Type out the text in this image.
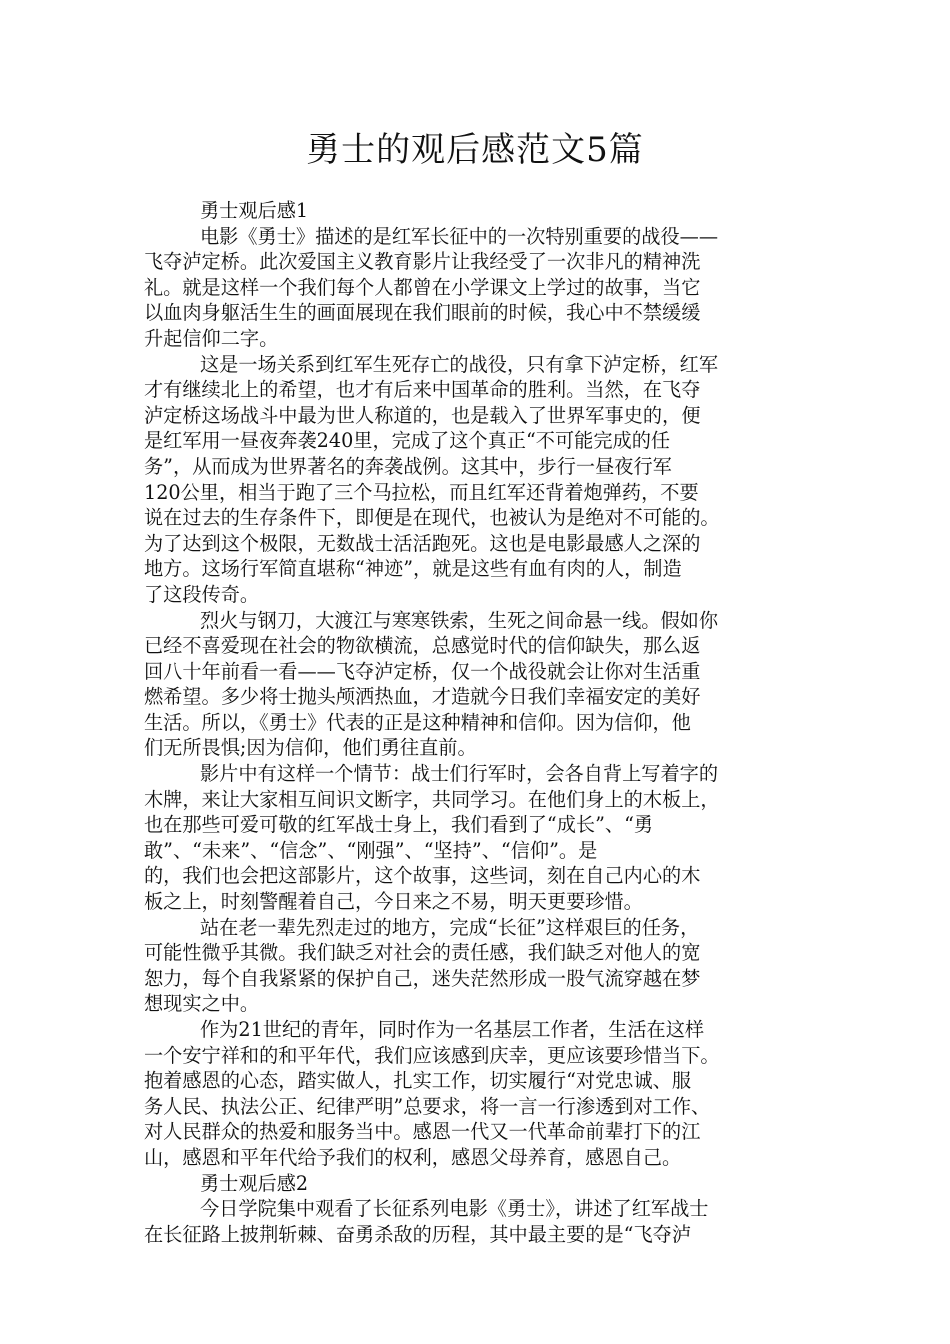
勇士的观后感范文5篇
勇士观后感1
电影《勇士》描述的是红军长征中的一次特别重要的战役——
飞夺泸定桥。此次爱国主义教育影片让我经受了一次非凡的精神洗
礼。就是这样一个我们每个人都曾在小学课文上学过的故事，当它
以血肉身躯活生生的画面展现在我们眼前的时候，我心中不禁缓缓
升起信仰二字。
这是一场关系到红军生死存亡的战役，只有拿下泸定桥，红军
才有继续北上的希望，也才有后来中国革命的胜利。当然，在飞夺
泸定桥这场战斗中最为世人称道的，也是载入了世界军事史的，便
是红军用一昼夜奔袭240里，完成了这个真正“不可能完成的任
务”，从而成为世界著名的奔袭战例。这其中，步行一昼夜行军
120公里，相当于跑了三个马拉松，而且红军还背着炮弹药，不要
说在过去的生存条件下，即便是在现代，也被认为是绝对不可能的。
为了达到这个极限，无数战士活活跑死。这也是电影最感人之深的
地方。这场行军简直堪称“神迹”，就是这些有血有肉的人，制造
了这段传奇。
烈火与钢刀，大渡江与寒寒铁索，生死之间命悬一线。假如你
已经不喜爱现在社会的物欲横流，总感觉时代的信仰缺失，那么返
回八十年前看一看——飞夺泸定桥，仅一个战役就会让你对生活重
燃希望。多少将士抛头颅洒热血，才造就今日我们幸福安定的美好
生活。所以，《勇士》代表的正是这种精神和信仰。因为信仰，他
们无所畏惧;因为信仰，他们勇往直前。
影片中有这样一个情节：战士们行军时，会各自背上写着字的
木牌，来让大家相互间识文断字，共同学习。在他们身上的木板上，
也在那些可爱可敬的红军战士身上，我们看到了“成长”、“勇
敢”、“未来”、“信念”、“刚强”、“坚持”、“信仰”。是
的，我们也会把这部影片，这个故事，这些词，刻在自己内心的木
板之上，时刻警醒着自己，今日来之不易，明天更要珍惜。
站在老一辈先烈走过的地方，完成“长征”这样艰巨的任务，
可能性微乎其微。我们缺乏对社会的责任感，我们缺乏对他人的宽
恕力，每个自我紧紧的保护自己，迷失茫然形成一股气流穿越在梦
想现实之中。
作为21世纪的青年，同时作为一名基层工作者，生活在这样
一个安宁祥和的和平年代，我们应该感到庆幸，更应该要珍惜当下。
抱着感恩的心态，踏实做人，扎实工作，切实履行“对党忠诚、服
务人民、执法公正、纪律严明”总要求，将一言一行渗透到对工作、
对人民群众的热爱和服务当中。感恩一代又一代革命前辈打下的江
山，感恩和平年代给予我们的权利，感恩父母养育，感恩自己。
勇士观后感2
今日学院集中观看了长征系列电影《勇士》，讲述了红军战士
在长征路上披荆斩棘、奋勇杀敌的历程，其中最主要的是“飞夺泸
